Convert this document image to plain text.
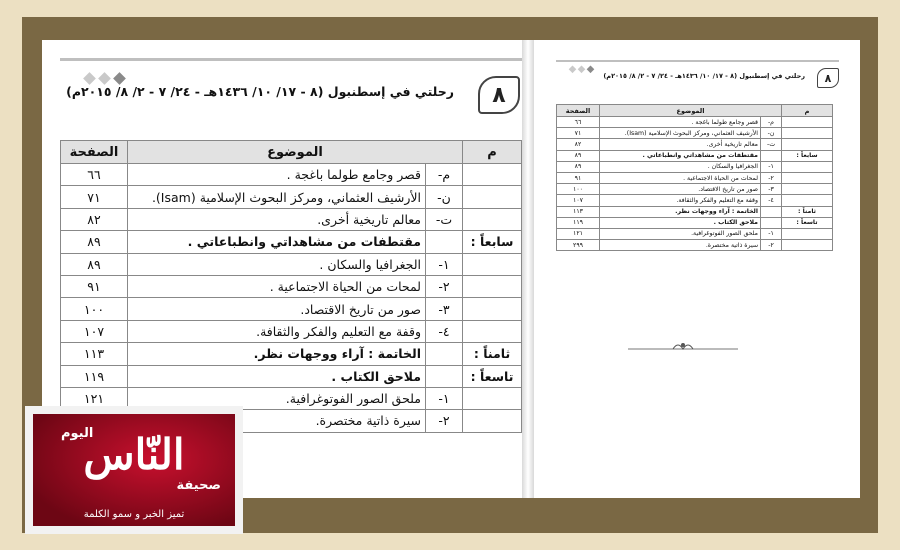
٨
رحلتي في إسطنبول (٨ - ١٧/ ١٠/ ١٤٣٦هـ - ٢٤/ ٧ - ٢/ ٨/ ٢٠١٥م)
م	الموضوع		الصفحة
	م-	قصر وجامع طولما باغجة .	٦٦
	ن-	الأرشيف العثماني، ومركز البحوث الإسلامية (Isam).	٧١
	ت-	معالم تاريخية أخرى.	٨٢
سابعاً :		مقتطفات من مشاهداتي وانطباعاتي .	٨٩
	١-	الجغرافيا والسكان .	٨٩
	٢-	لمحات من الحياة الاجتماعية .	٩١
	٣-	صور من تاريخ الاقتصاد.	١٠٠
	٤-	وقفة مع التعليم والفكر والثقافة.	١٠٧
ثامناً :		الخاتمة : آراء ووجهات نظر.	١١٣
تاسعاً :		ملاحق الكتاب .	١١٩
	١-	ملحق الصور الفوتوغرافية.	١٢١
	٢-	سيرة ذاتية مختصرة.	
٨
رحلتي في إسطنبول (٨ - ١٧/ ١٠/ ١٤٣٦هـ - ٢٤/ ٧ - ٢/ ٨/ ٢٠١٥م)
م	الموضوع		الصفحة
	م-	قصر وجامع طولما باغجة .	٦٦
	ن-	الأرشيف العثماني، ومركز البحوث الإسلامية (Isam).	٧١
	ت-	معالم تاريخية أخرى.	٨٢
سابعاً :		مقتطفات من مشاهداتي وانطباعاتي .	٨٩
	١-	الجغرافيا والسكان .	٨٩
	٢-	لمحات من الحياة الاجتماعية .	٩١
	٣-	صور من تاريخ الاقتصاد.	١٠٠
	٤-	وقفة مع التعليم والفكر والثقافة.	١٠٧
ثامناً :		الخاتمة : آراء ووجهات نظر.	١١٣
تاسعاً :		ملاحق الكتاب .	١١٩
	١-	ملحق الصور الفوتوغرافية.	١٢١
	٢-	سيرة ذاتية مختصرة.	٢٩٩
اليوم
النّاس
صحيفة
تميز الخبر و سمو الكلمة
